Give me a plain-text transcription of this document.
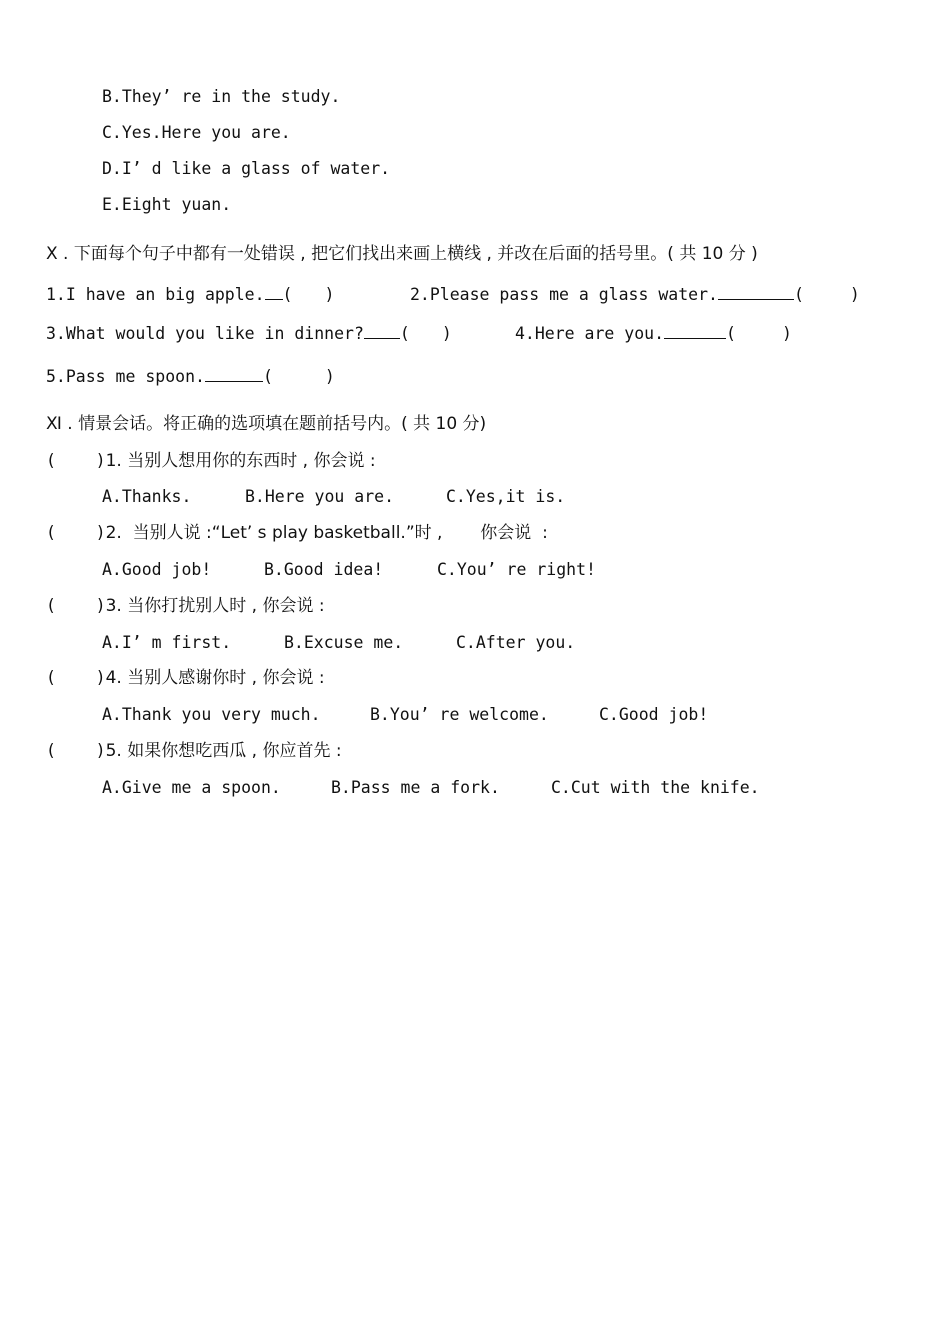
B.They’ re in the study.
C.Yes.Here you are.
D.I’ d like a glass of water.
E.Eight yuan.
Ⅹ . 下面每个句子中都有一处错误 , 把它们找出来画上横线 , 并改在后面的括号里。( 共 10 分 )
1.I have an big apple. ( )	2.Please pass me a glass water.	(	)
3.What would you like in dinner? ( )	4.Here are you.	(	)
5.Pass me spoon.	(	)
Ⅺ . 情景会话。将正确的选项填在题前括号内。( 共 10 分)
(    )1. 当别人想用你的东西时 , 你会说 :
A.Thanks.	B.Here you are.	C.Yes,it is.
(    )2.  当别人说 :“Let’ s play basketball.”时 ,       你会说  :
A.Good job!	B.Good idea!	C.You’ re right!
(    )3. 当你打扰别人时 , 你会说 :
A.I’ m first.	B.Excuse me.	C.After you.
(    )4. 当别人感谢你时 , 你会说 :
A.Thank you very much.	B.You’ re welcome.	C.Good job!
(    )5. 如果你想吃西瓜 , 你应首先 :
A.Give me a spoon.	B.Pass me a fork.	C.Cut with the knife.
